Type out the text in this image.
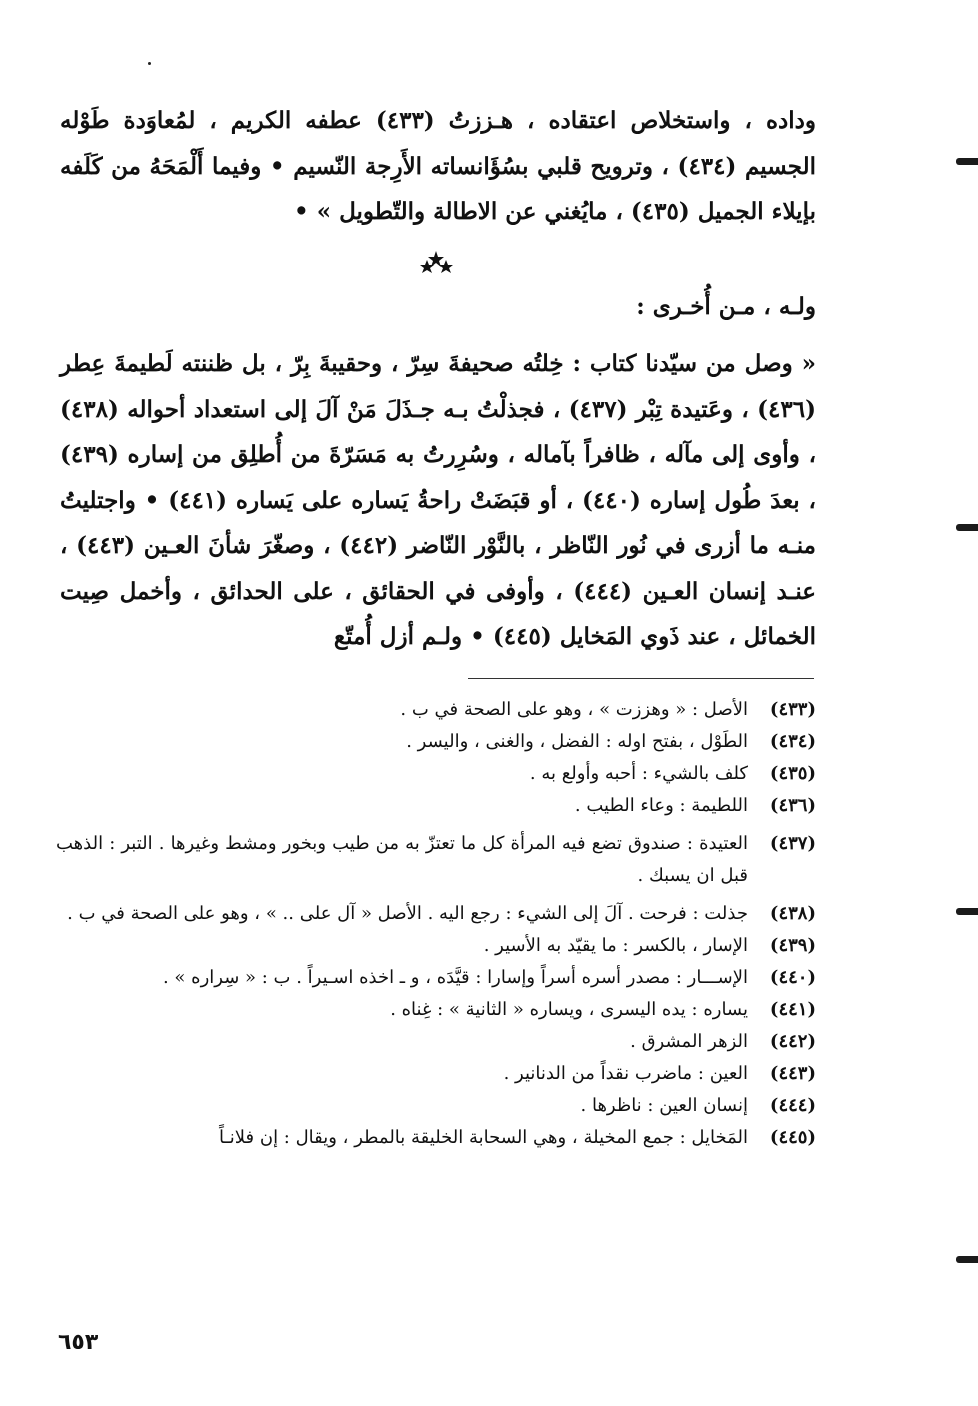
وداده ، واستخلاص اعتقاده ، هـززتُ (٤٣٣) عطفه الكريم ، لمُعاوَدة طَوْله الجسيم (٤٣٤) ، وترويح قلبي بسُؤَانساته الأَرِجة النّسيم • وفيما أَلْمَحَهُ من كَلَفه بإيلاء الجميل (٤٣٥) ، مايُغني عن الاطالة والتّطويل » •

ولـه ، مـن أُخـرى :

« وصل من سيّدنا كتاب : خِلتُه صحيفةَ سِرّ ، وحقيبةَ بِرّ ، بل ظننته لَطيمةَ عِطر (٤٣٦) ، وعَتيدة تِبْر (٤٣٧) ، فجذلْتُ بـه جـذَلَ مَنْ آلَ إلى استعداد أحواله (٤٣٨) ، وأوى إلى مآله ، ظافراً بآماله ، وسُرِرتُ به مَسَرّةَ من أُطلِق من إساره (٤٣٩) ، بعدَ طُول إساره (٤٤٠) ، أو قبَضَتْ راحةُ يَساره على يَساره (٤٤١) • واجتليتُ منـه ما أزرى في نُور النّاظر ، بالنَّوْر النّاضر (٤٤٢) ، وصغّرَ شأنَ العـين (٤٤٣) ، عنـد إنسان العـين (٤٤٤) ، وأوفى في الحقائق ، على الحدائق ، وأخمل صِيت الخمائل ، عند ذَوي المَخايل (٤٤٥) • ولـم أزل أُمتّع

(٤٣٣)
الأصل : « وهززت » ، وهو على الصحة في ب .
(٤٣٤)
الطَوْل ، بفتح اوله : الفضل ، والغنى ، واليسر .
(٤٣٥)
كلف بالشيء : أحبه وأولع به .
(٤٣٦)
اللطيمة : وعاء الطيب .
(٤٣٧)
العتيدة : صندوق تضع فيه المرأة كل ما تعتزّ به من طيب وبخور ومشط وغيرها . التبر : الذهب قبل ان يسبك .
(٤٣٨)
جذلت : فرحت . آلَ إلى الشيء : رجع اليه . الأصل « آل على .. » ، وهو على الصحة في ب .
(٤٣٩)
الإسار ، بالكسر : ما يقيّد به الأسير .
(٤٤٠)
الإســـار : مصدر أسره أسراً وإسارا : قيَّدَه ، و ـ اخذه اسـيراً . ب : « سِراره » .
(٤٤١)
يساره : يده اليسرى ، ويساره « الثانية » : غِناه .
(٤٤٢)
الزهر المشرق .
(٤٤٣)
العين : ماضرب نقداً من الدنانير .
(٤٤٤)
إنسان العين : ناظرها .
(٤٤٥)
المَخايل : جمع المخيلة ، وهي السحابة الخليقة بالمطر ، ويقال : إن فلانـاً
٦٥٣
